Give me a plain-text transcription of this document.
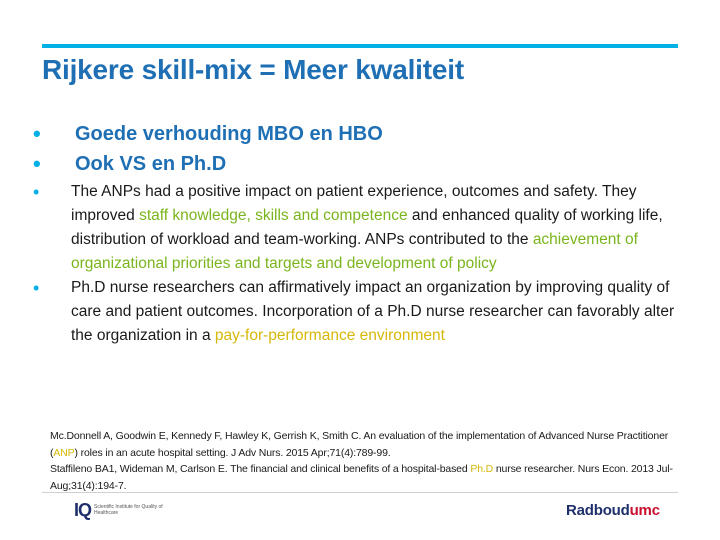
Rijkere skill-mix = Meer kwaliteit
• Goede verhouding MBO en HBO
• Ook VS en Ph.D
• The ANPs had a positive impact on patient experience, outcomes and safety. They improved staff knowledge, skills and competence and enhanced quality of working life, distribution of workload and team-working. ANPs contributed to the achievement of organizational priorities and targets and development of policy
• Ph.D nurse researchers can affirmatively impact an organization by improving quality of care and patient outcomes. Incorporation of a Ph.D nurse researcher can favorably alter the organization in a pay-for-performance environment
Mc.Donnell A, Goodwin E, Kennedy F, Hawley K, Gerrish K, Smith C. An evaluation of the implementation of Advanced Nurse Practitioner (ANP) roles in an acute hospital setting. J Adv Nurs. 2015 Apr;71(4):789-99.
Staffileno BA1, Wideman M, Carlson E. The financial and clinical benefits of a hospital-based Ph.D nurse researcher. Nurs Econ. 2013 Jul-Aug;31(4):194-7.
IQ Scientific Institute for Quality of Healthcare	Radboudumc
